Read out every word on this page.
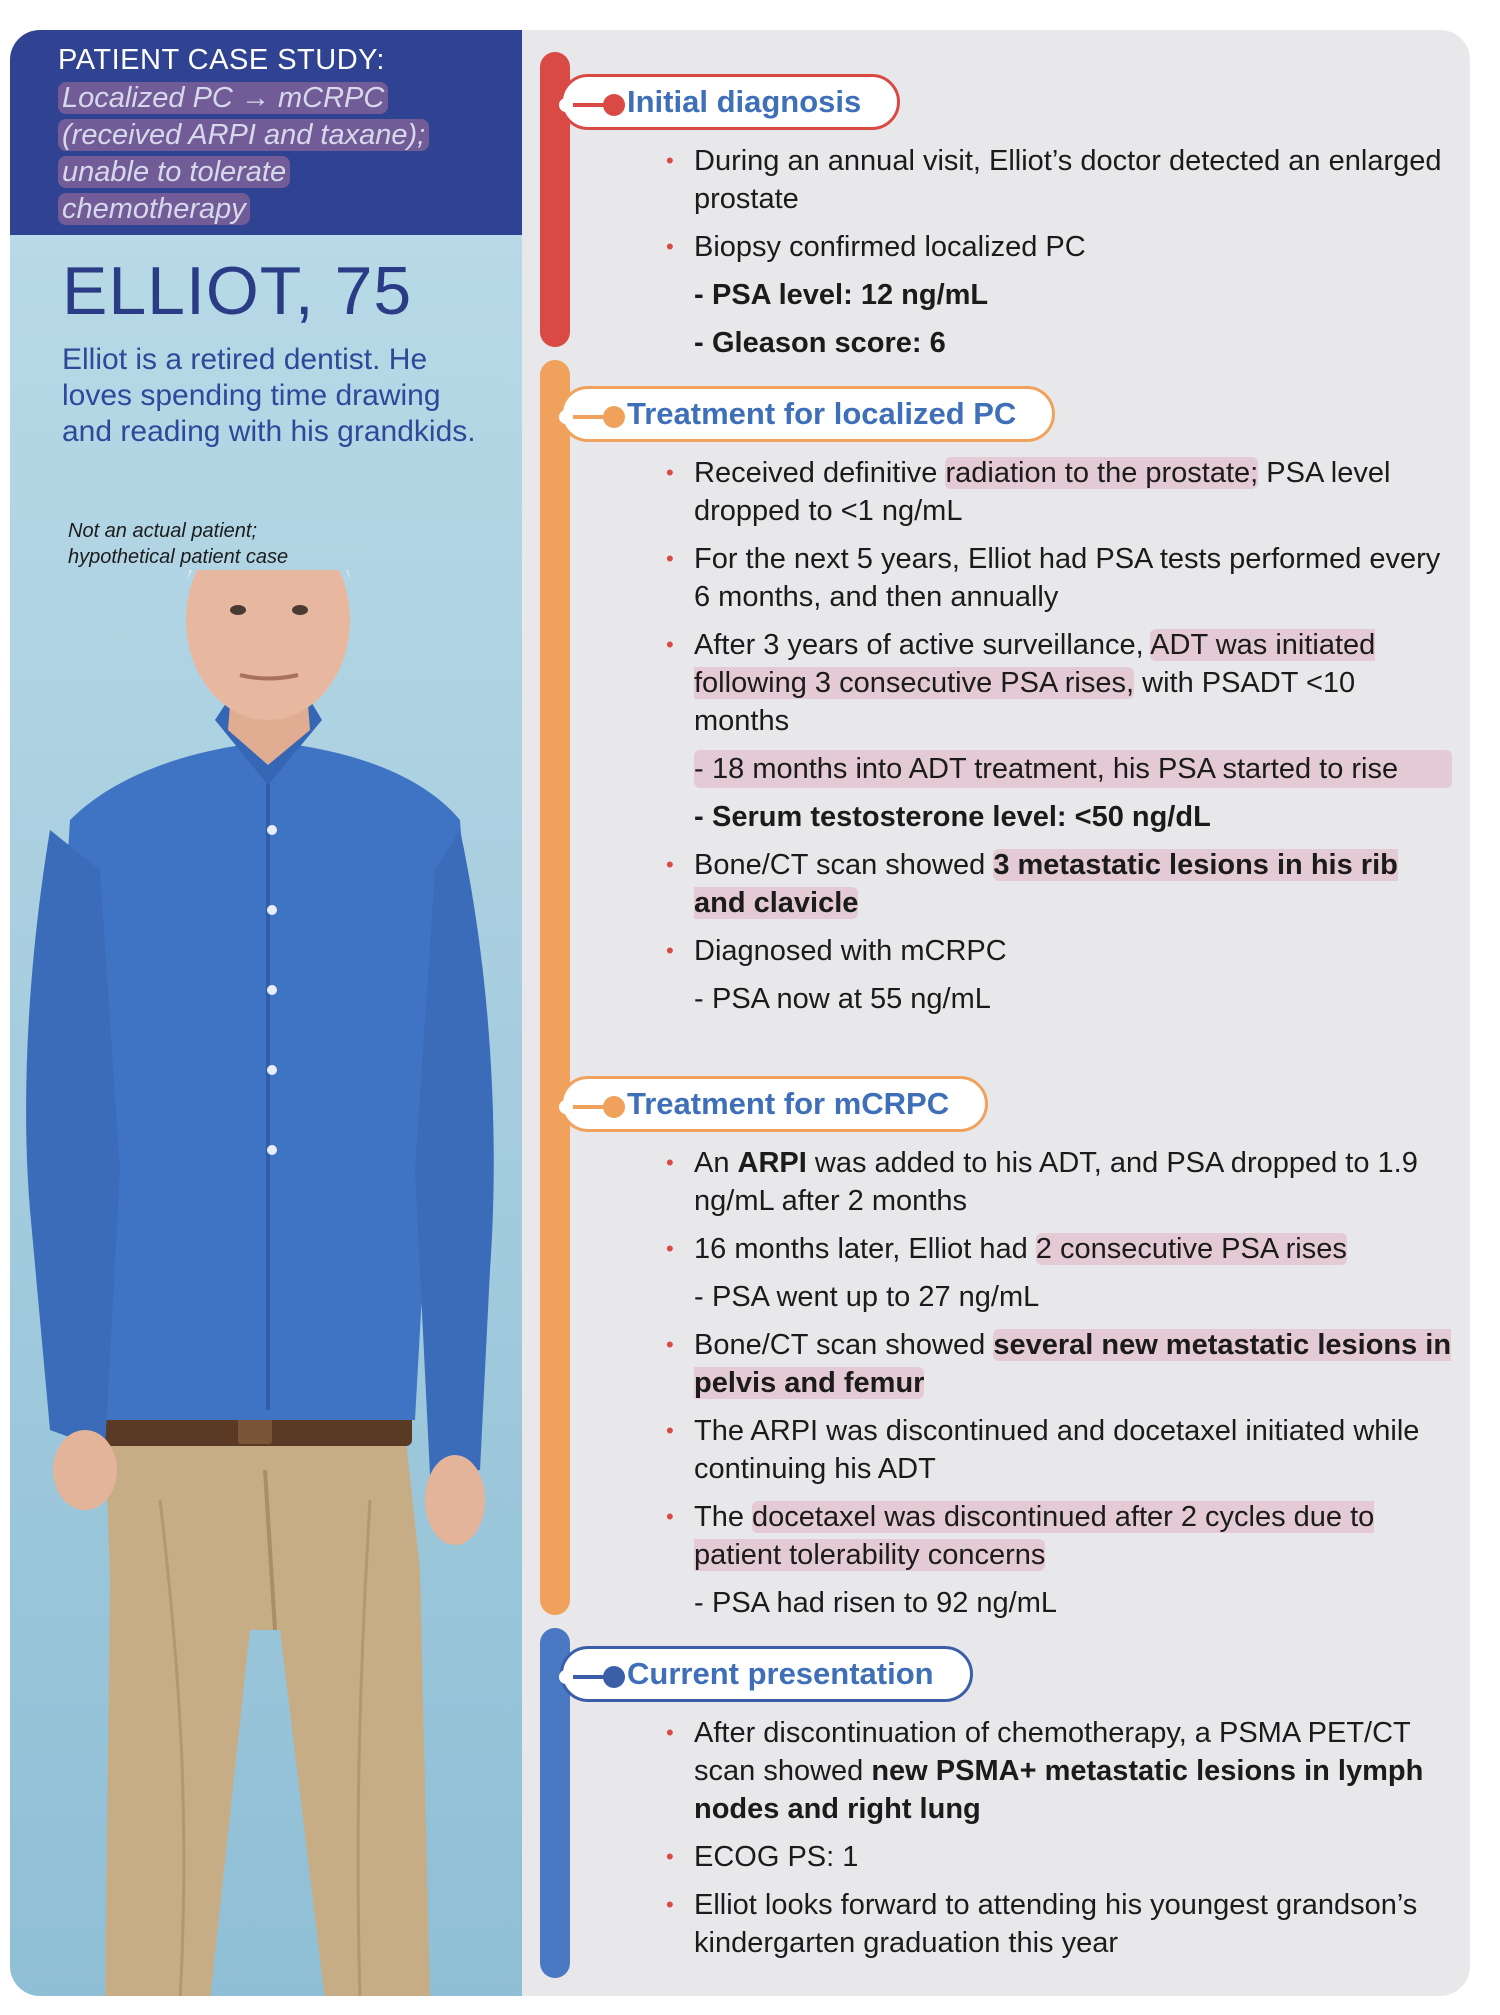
PATIENT CASE STUDY:
Localized PC → mCRPC
(received ARPI and taxane);
unable to tolerate
chemotherapy
ELLIOT, 75

Elliot is a retired dentist. He loves spending time drawing and reading with his grandkids.

Not an actual patient;
hypothetical patient case

Initial diagnosis
• During an annual visit, Elliot’s doctor detected an enlarged prostate
• Biopsy confirmed localized PC
- PSA level: 12 ng/mL
- Gleason score: 6
Treatment for localized PC
• Received definitive radiation to the prostate; PSA level dropped to <1 ng/mL
• For the next 5 years, Elliot had PSA tests performed every 6 months, and then annually
• After 3 years of active surveillance, ADT was initiated following 3 consecutive PSA rises, with PSADT <10 months
- 18 months into ADT treatment, his PSA started to rise
- Serum testosterone level: <50 ng/dL
• Bone/CT scan showed 3 metastatic lesions in his rib and clavicle
• Diagnosed with mCRPC
- PSA now at 55 ng/mL
Treatment for mCRPC
• An ARPI was added to his ADT, and PSA dropped to 1.9 ng/mL after 2 months
• 16 months later, Elliot had 2 consecutive PSA rises
- PSA went up to 27 ng/mL
• Bone/CT scan showed several new metastatic lesions in pelvis and femur
• The ARPI was discontinued and docetaxel initiated while continuing his ADT
• The docetaxel was discontinued after 2 cycles due to patient tolerability concerns
- PSA had risen to 92 ng/mL
Current presentation
• After discontinuation of chemotherapy, a PSMA PET/CT scan showed new PSMA+ metastatic lesions in lymph nodes and right lung
• ECOG PS: 1
• Elliot looks forward to attending his youngest grandson’s kindergarten graduation this year
